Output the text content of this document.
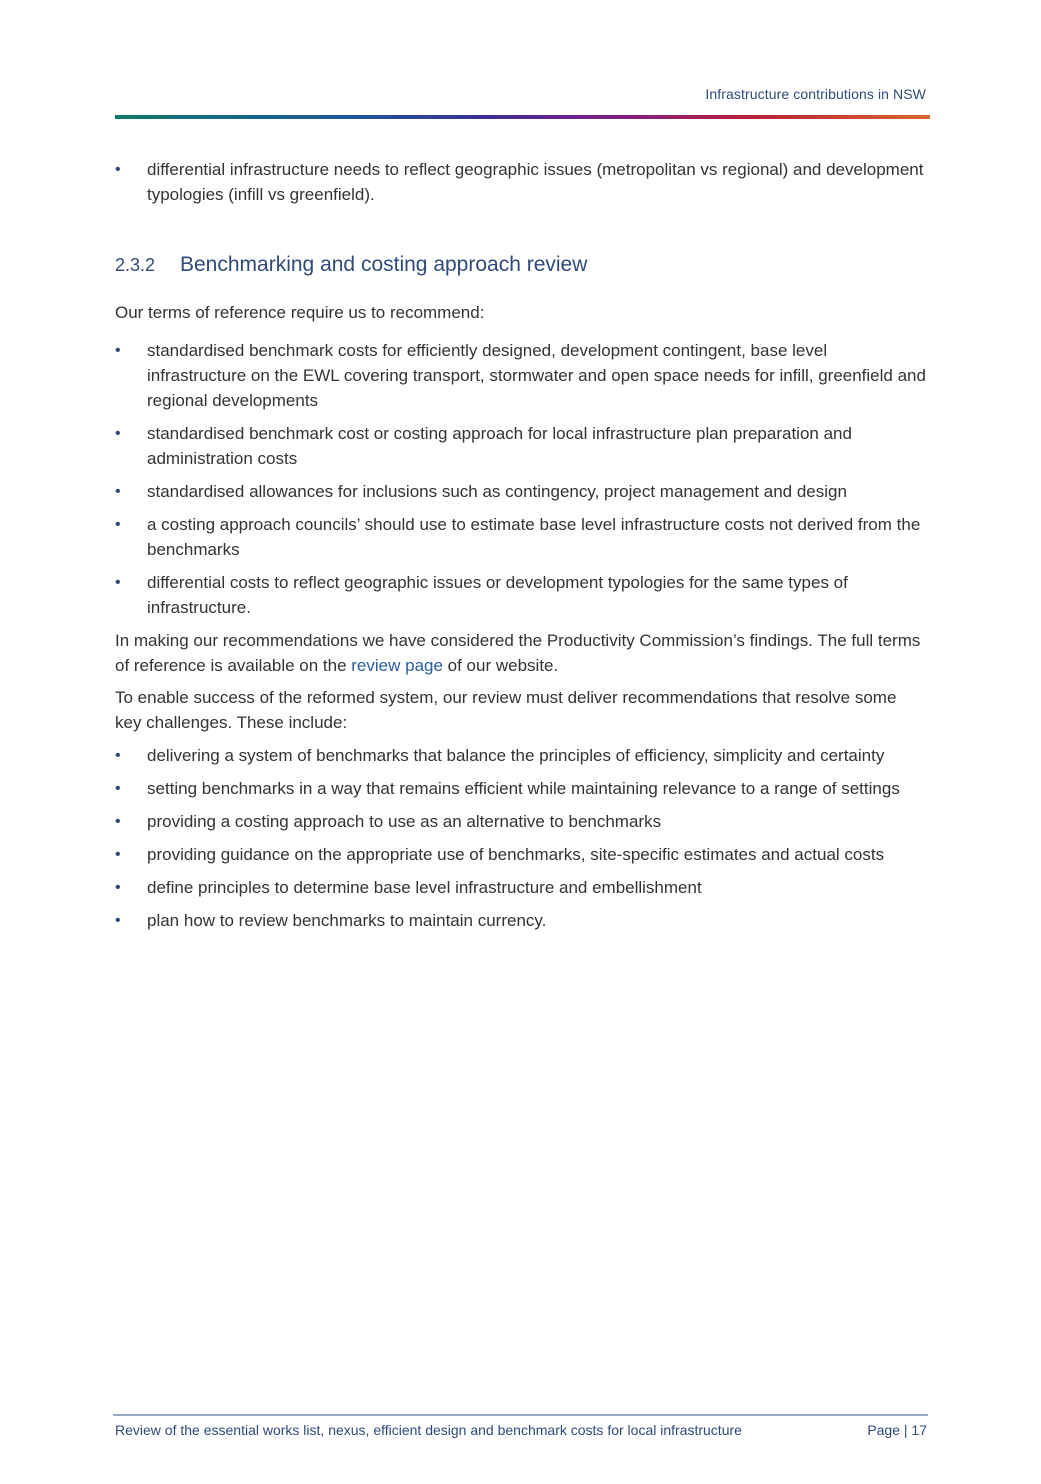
Infrastructure contributions in NSW
• differential infrastructure needs to reflect geographic issues (metropolitan vs regional) and development typologies (infill vs greenfield).
2.3.2 Benchmarking and costing approach review

Our terms of reference require us to recommend:

• standardised benchmark costs for efficiently designed, development contingent, base level infrastructure on the EWL covering transport, stormwater and open space needs for infill, greenfield and regional developments
• standardised benchmark cost or costing approach for local infrastructure plan preparation and administration costs
• standardised allowances for inclusions such as contingency, project management and design
• a costing approach councils’ should use to estimate base level infrastructure costs not derived from the benchmarks
• differential costs to reflect geographic issues or development typologies for the same types of infrastructure.

In making our recommendations we have considered the Productivity Commission’s findings. The full terms of reference is available on the review page of our website.

To enable success of the reformed system, our review must deliver recommendations that resolve some key challenges. These include:

• delivering a system of benchmarks that balance the principles of efficiency, simplicity and certainty
• setting benchmarks in a way that remains efficient while maintaining relevance to a range of settings
• providing a costing approach to use as an alternative to benchmarks
• providing guidance on the appropriate use of benchmarks, site-specific estimates and actual costs
• define principles to determine base level infrastructure and embellishment
• plan how to review benchmarks to maintain currency.
Review of the essential works list, nexus, efficient design and benchmark costs for local infrastructure	Page | 17
